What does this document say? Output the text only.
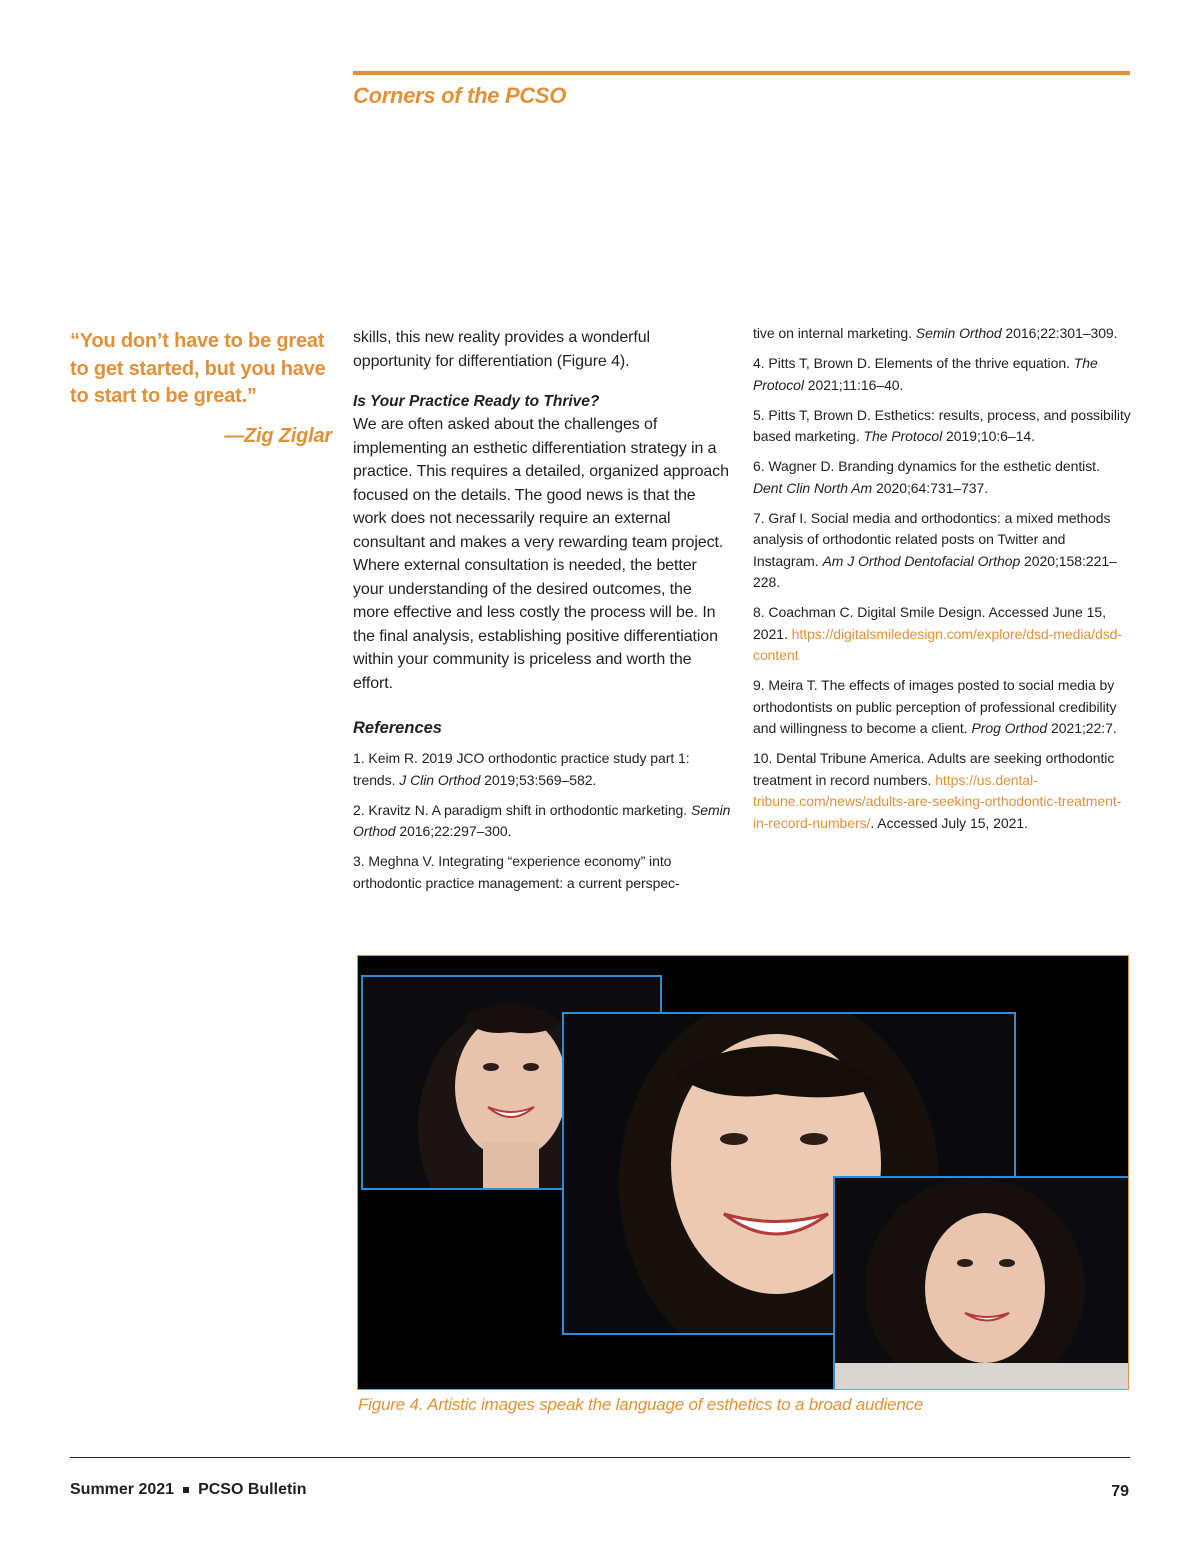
Corners of the PCSO
“You don’t have to be great to get started, but you have to start to be great.”
—Zig Ziglar

skills, this new reality provides a wonderful opportunity for differentiation (Figure 4).

Is Your Practice Ready to Thrive?

We are often asked about the challenges of implementing an esthetic differentiation strategy in a practice. This requires a detailed, organized approach focused on the details. The good news is that the work does not necessarily require an external consultant and makes a very rewarding team project. Where external consultation is needed, the better your understanding of the desired outcomes, the more effective and less costly the process will be. In the final analysis, establishing positive differentiation within your community is priceless and worth the effort.

References

1. Keim R. 2019 JCO orthodontic practice study part 1: trends. J Clin Orthod 2019;53:569–582.

2. Kravitz N. A paradigm shift in orthodontic marketing. Semin Orthod 2016;22:297–300.

3. Meghna V. Integrating “experience economy” into orthodontic practice management: a current perspec-

tive on internal marketing. Semin Orthod 2016;22:301–309.

4. Pitts T, Brown D. Elements of the thrive equation. The Protocol 2021;11:16–40.

5. Pitts T, Brown D. Esthetics: results, process, and possibility based marketing. The Protocol 2019;10:6–14.

6. Wagner D. Branding dynamics for the esthetic dentist. Dent Clin North Am 2020;64:731–737.

7. Graf I. Social media and orthodontics: a mixed methods analysis of orthodontic related posts on Twitter and Instagram. Am J Orthod Dentofacial Orthop 2020;158:221–228.

8. Coachman C. Digital Smile Design. Accessed June 15, 2021. https://digitalsmiledesign.com/explore/dsd-media/dsd-content

9. Meira T. The effects of images posted to social media by orthodontists on public perception of professional credibility and willingness to become a client. Prog Orthod 2021;22:7.

10. Dental Tribune America. Adults are seeking orthodontic treatment in record numbers. https://us.dental-tribune.com/news/adults-are-seeking-orthodontic-treatment-in-record-numbers/. Accessed July 15, 2021.

Figure 4. Artistic images speak the language of esthetics to a broad audience
Summer 2021 PCSO Bulletin	79
